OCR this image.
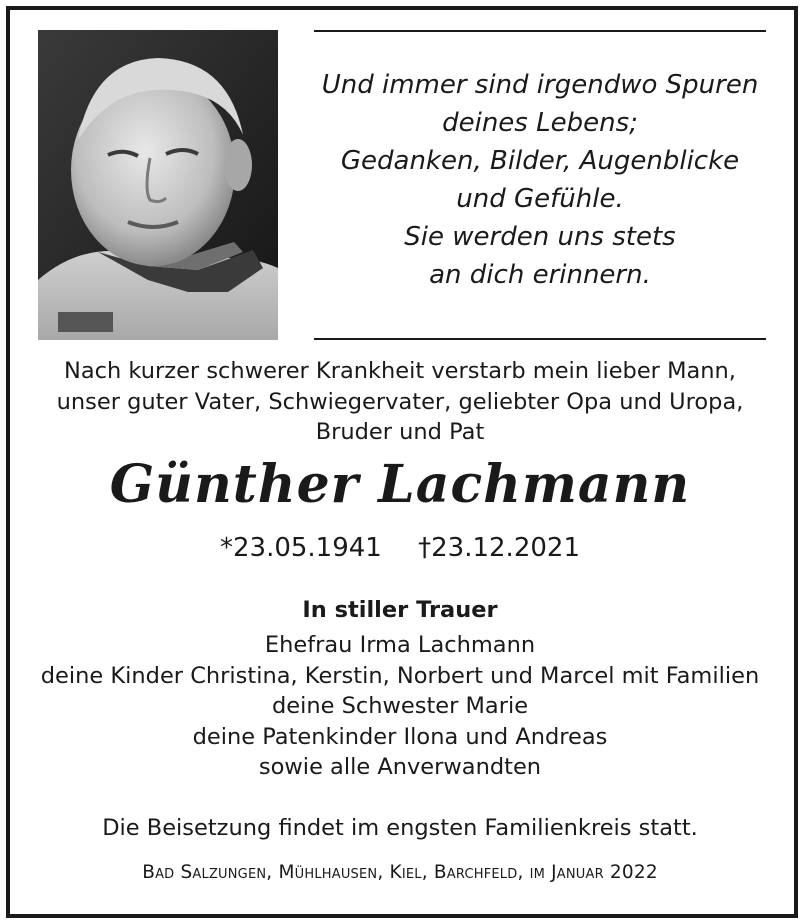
Und immer sind irgendwo Spuren
deines Lebens;
Gedanken, Bilder, Augenblicke
und Gefühle.
Sie werden uns stets
an dich erinnern.
Nach kurzer schwerer Krankheit verstarb mein lieber Mann,
unser guter Vater, Schwiegervater, geliebter Opa und Uropa,
Bruder und Pat
Günther Lachmann
*23.05.1941 †23.12.2021
In stiller Trauer
Ehefrau Irma Lachmann
deine Kinder Christina, Kerstin, Norbert und Marcel mit Familien
deine Schwester Marie
deine Patenkinder Ilona und Andreas
sowie alle Anverwandten
Die Beisetzung findet im engsten Familienkreis statt.
Bad Salzungen, Mühlhausen, Kiel, Barchfeld, im Januar 2022
